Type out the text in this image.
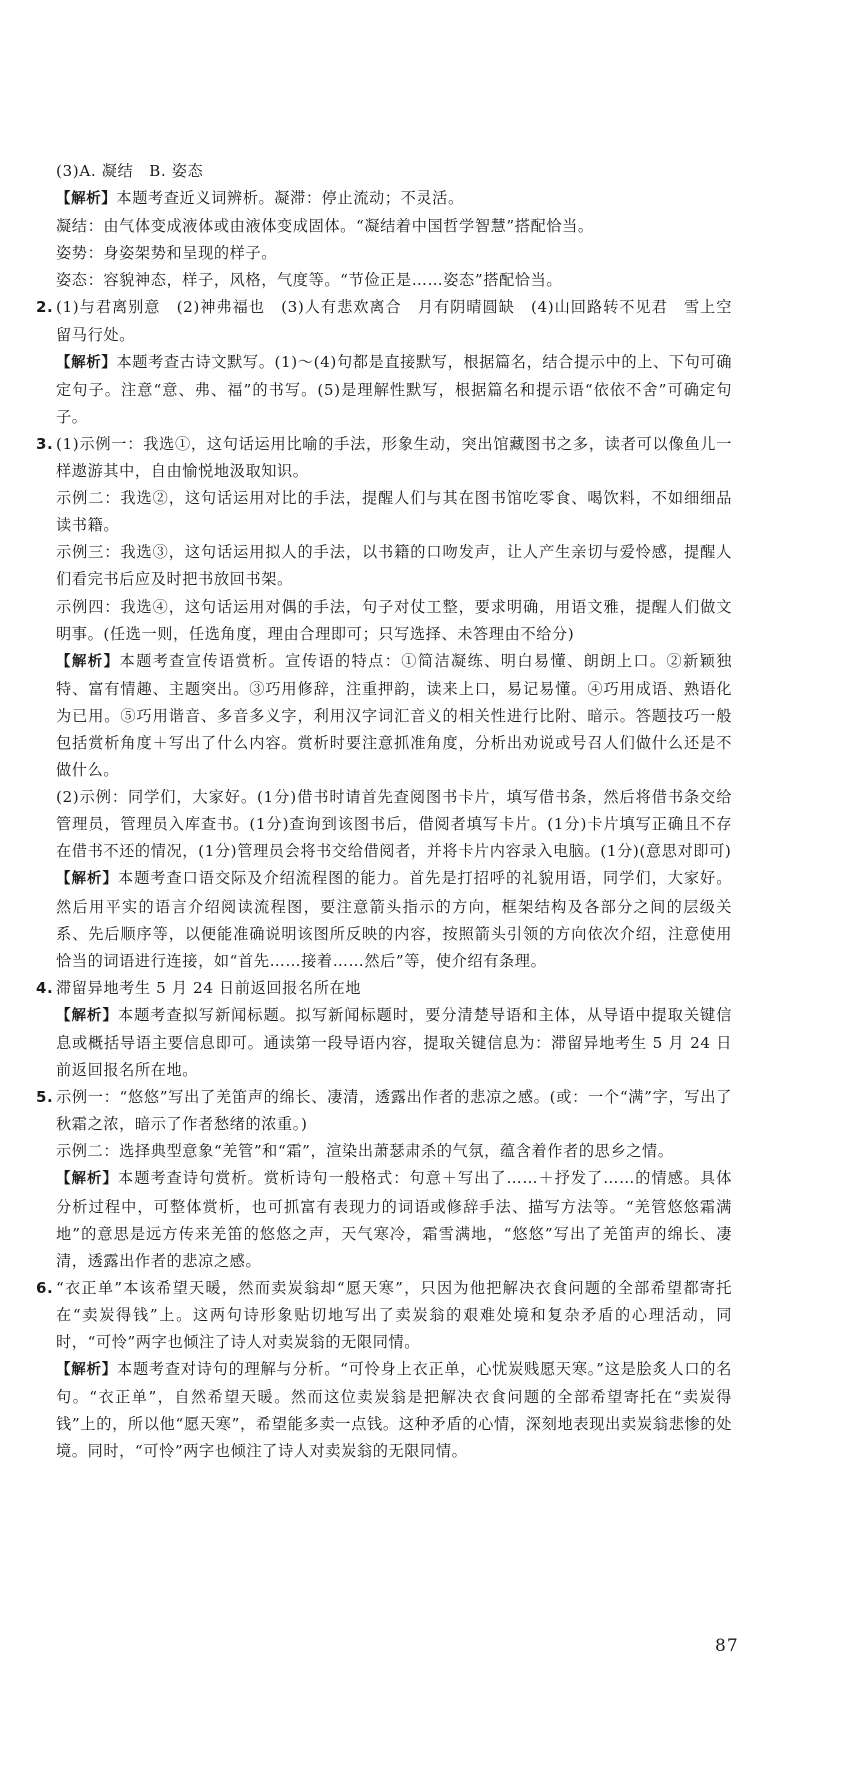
(3)A. 凝结　B. 姿态

【解析】本题考查近义词辨析。凝滞：停止流动；不灵活。

凝结：由气体变成液体或由液体变成固体。“凝结着中国哲学智慧”搭配恰当。

姿势：身姿架势和呈现的样子。

姿态：容貌神态，样子，风格，气度等。“节俭正是……姿态”搭配恰当。

2. (1)与君离别意　(2)神弗福也　(3)人有悲欢离合　月有阴晴圆缺　(4)山回路转不见君　雪上空留马行处。

【解析】本题考查古诗文默写。(1)～(4)句都是直接默写，根据篇名，结合提示中的上、下句可确定句子。注意“意、弗、福”的书写。(5)是理解性默写，根据篇名和提示语“依依不舍”可确定句子。

3. (1)示例一：我选①，这句话运用比喻的手法，形象生动，突出馆藏图书之多，读者可以像鱼儿一样遨游其中，自由愉悦地汲取知识。

示例二：我选②，这句话运用对比的手法，提醒人们与其在图书馆吃零食、喝饮料，不如细细品读书籍。

示例三：我选③，这句话运用拟人的手法，以书籍的口吻发声，让人产生亲切与爱怜感，提醒人们看完书后应及时把书放回书架。

示例四：我选④，这句话运用对偶的手法，句子对仗工整，要求明确，用语文雅，提醒人们做文明事。(任选一则，任选角度，理由合理即可；只写选择、未答理由不给分)

【解析】本题考查宣传语赏析。宣传语的特点：①简洁凝练、明白易懂、朗朗上口。②新颖独特、富有情趣、主题突出。③巧用修辞，注重押韵，读来上口，易记易懂。④巧用成语、熟语化为已用。⑤巧用谐音、多音多义字，利用汉字词汇音义的相关性进行比附、暗示。答题技巧一般包括赏析角度＋写出了什么内容。赏析时要注意抓准角度，分析出劝说或号召人们做什么还是不做什么。

(2)示例：同学们，大家好。(1分)借书时请首先查阅图书卡片，填写借书条，然后将借书条交给管理员，管理员入库查书。(1分)查询到该图书后，借阅者填写卡片。(1分)卡片填写正确且不存在借书不还的情况，(1分)管理员会将书交给借阅者，并将卡片内容录入电脑。(1分)(意思对即可)

【解析】本题考查口语交际及介绍流程图的能力。首先是打招呼的礼貌用语，同学们，大家好。然后用平实的语言介绍阅读流程图，要注意箭头指示的方向，框架结构及各部分之间的层级关系、先后顺序等，以便能准确说明该图所反映的内容，按照箭头引领的方向依次介绍，注意使用恰当的词语进行连接，如“首先……接着……然后”等，使介绍有条理。

4. 滞留异地考生 5 月 24 日前返回报名所在地

【解析】本题考查拟写新闻标题。拟写新闻标题时，要分清楚导语和主体，从导语中提取关键信息或概括导语主要信息即可。通读第一段导语内容，提取关键信息为：滞留异地考生 5 月 24 日前返回报名所在地。

5. 示例一：“悠悠”写出了羌笛声的绵长、凄清，透露出作者的悲凉之感。(或：一个“满”字，写出了秋霜之浓，暗示了作者愁绪的浓重。)

示例二：选择典型意象“羌管”和“霜”，渲染出萧瑟肃杀的气氛，蕴含着作者的思乡之情。

【解析】本题考查诗句赏析。赏析诗句一般格式：句意＋写出了……＋抒发了……的情感。具体分析过程中，可整体赏析，也可抓富有表现力的词语或修辞手法、描写方法等。“羌管悠悠霜满地”的意思是远方传来羌笛的悠悠之声，天气寒冷，霜雪满地，“悠悠”写出了羌笛声的绵长、凄清，透露出作者的悲凉之感。

6. “衣正单”本该希望天暖，然而卖炭翁却“愿天寒”，只因为他把解决衣食问题的全部希望都寄托在“卖炭得钱”上。这两句诗形象贴切地写出了卖炭翁的艰难处境和复杂矛盾的心理活动，同时，“可怜”两字也倾注了诗人对卖炭翁的无限同情。

【解析】本题考查对诗句的理解与分析。“可怜身上衣正单，心忧炭贱愿天寒。”这是脍炙人口的名句。“衣正单”，自然希望天暖。然而这位卖炭翁是把解决衣食问题的全部希望寄托在“卖炭得钱”上的，所以他“愿天寒”，希望能多卖一点钱。这种矛盾的心情，深刻地表现出卖炭翁悲惨的处境。同时，“可怜”两字也倾注了诗人对卖炭翁的无限同情。

87
